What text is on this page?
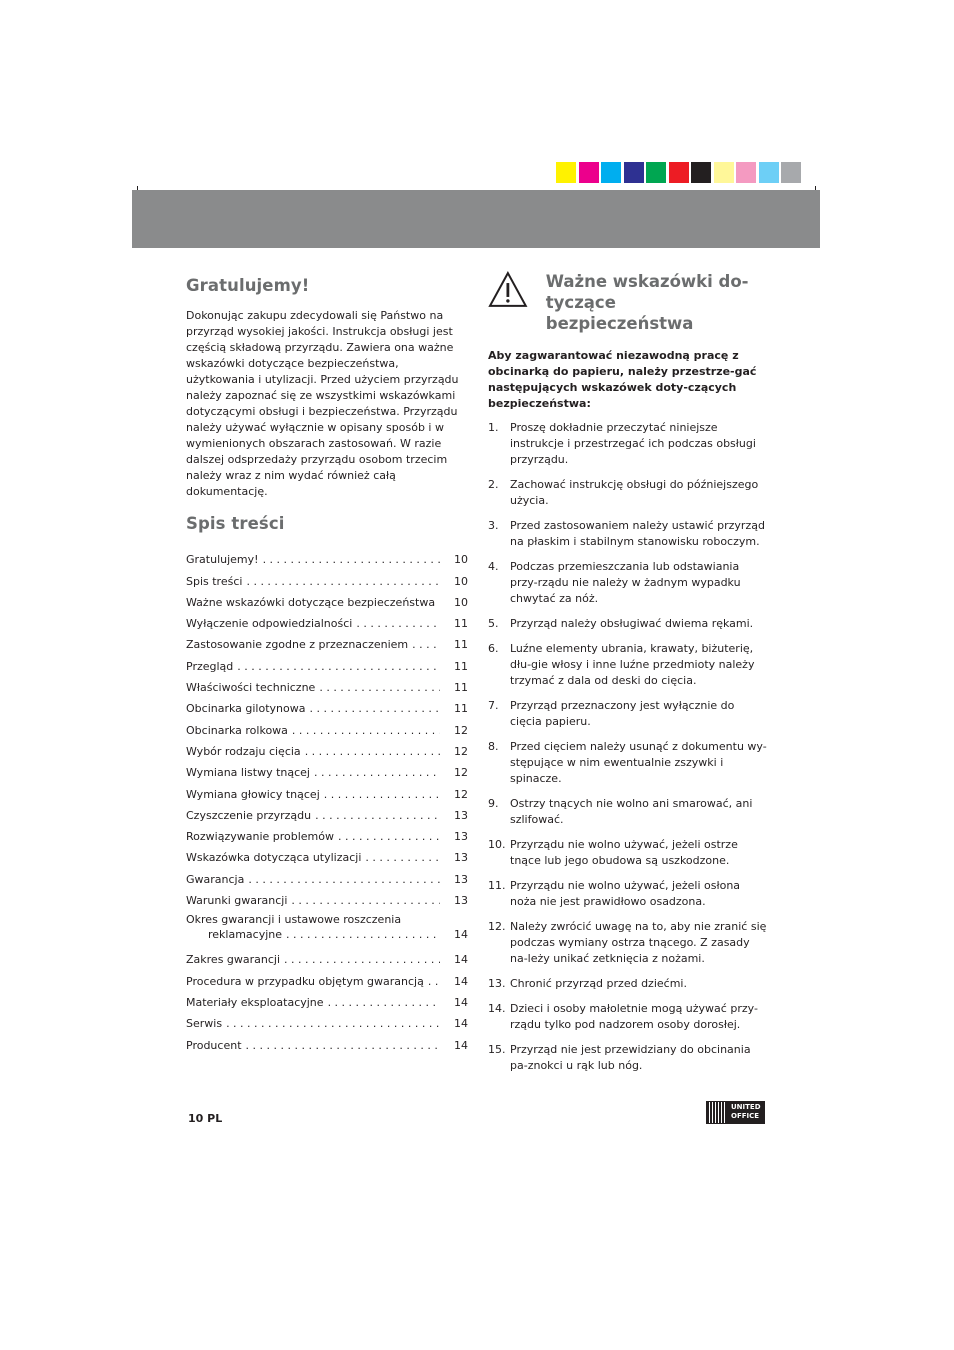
Gratulujemy!

Dokonując zakupu zdecydowali się Państwo na przyrząd wysokiej jakości. Instrukcja obsługi jest częścią składową przyrządu. Zawiera ona ważne wskazówki dotyczące bezpieczeństwa, użytkowania i utylizacji. Przed użyciem przyrządu należy zapoznać się ze wszystkimi wskazówkami dotyczącymi obsługi i bezpieczeństwa. Przyrządu należy używać wyłącznie w opisany sposób i w wymienionych obszarach zastosowań. W razie dalszej odsprzedaży przyrządu osobom trzecim należy wraz z nim wydać również całą dokumentację.

Spis treści
Gratulujemy! . . .	10
Spis treści . . .	10
Ważne wskazówki dotyczące bezpieczeństwa . . .	10
Wyłączenie odpowiedzialności . . .	11
Zastosowanie zgodne z przeznaczeniem . . .	11
Przegląd . . .	11
Właściwości techniczne . . .	11
Obcinarka gilotynowa . . .	11
Obcinarka rolkowa . . .	12
Wybór rodzaju cięcia . . .	12
Wymiana listwy tnącej . . .	12
Wymiana głowicy tnącej . . .	12
Czyszczenie przyrządu . . .	13
Rozwiązywanie problemów . . .	13
Wskazówka dotycząca utylizacji . . .	13
Gwarancja . . .	13
Warunki gwarancji . . .	13
Okres gwarancji i ustawowe roszczenia
reklamacyjne . . .	14
Zakres gwarancji . . .	14
Procedura w przypadku objętym gwarancją . . .	14
Materiały eksploatacyjne . . .	14
Serwis . . .	14
Producent . . .	14
Ważne wskazówki do-
tyczące bezpieczeństwa

Aby zagwarantować niezawodną pracę z obcinarką do papieru, należy przestrze-gać następujących wskazówek doty-czących bezpieczeństwa:

1.	Proszę dokładnie przeczytać niniejsze instrukcje i przestrzegać ich podczas obsługi przyrządu.
2.	Zachować instrukcję obsługi do późniejszego użycia.
3.	Przed zastosowaniem należy ustawić przyrząd na płaskim i stabilnym stanowisku roboczym.
4.	Podczas przemieszczania lub odstawiania przy-rządu nie należy w żadnym wypadku chwytać za nóż.
5.	Przyrząd należy obsługiwać dwiema rękami.
6.	Luźne elementy ubrania, krawaty, biżuterię, dłu-gie włosy i inne luźne przedmioty należy trzymać z dala od deski do cięcia.
7.	Przyrząd przeznaczony jest wyłącznie do cięcia papieru.
8.	Przed cięciem należy usunąć z dokumentu wy-stępujące w nim ewentualnie zszywki i spinacze.
9.	Ostrzy tnących nie wolno ani smarować, ani szlifować.
10. Przyrządu nie wolno używać, jeżeli ostrze tnące lub jego obudowa są uszkodzone.
11. Przyrządu nie wolno używać, jeżeli osłona noża nie jest prawidłowo osadzona.
12. Należy zwrócić uwagę na to, aby nie zranić się podczas wymiany ostrza tnącego. Z zasady na-leży unikać zetknięcia z nożami.
13. Chronić przyrząd przed dziećmi.
14. Dzieci i osoby małoletnie mogą używać przy-rządu tylko pod nadzorem osoby dorosłej.
15. Przyrząd nie jest przewidziany do obcinania pa-znokci u rąk lub nóg.
10 PL
UNITED
OFFICE
